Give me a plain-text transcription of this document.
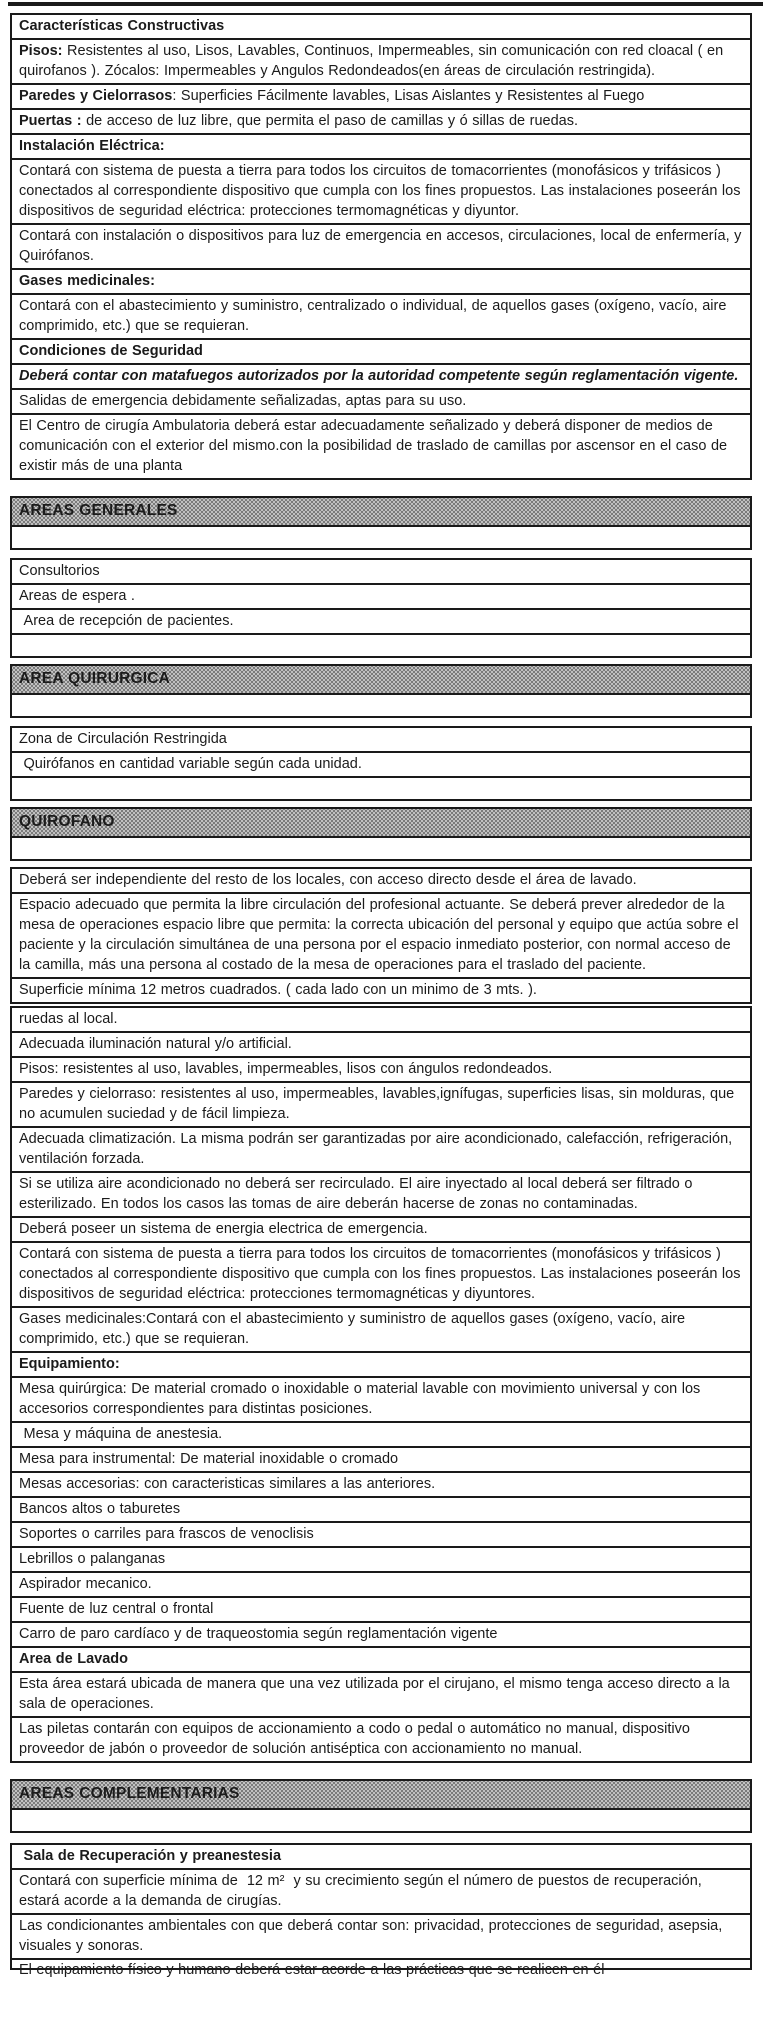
Características Constructivas
Pisos: Resistentes al uso, Lisos, Lavables, Continuos, Impermeables, sin comunicación con red cloacal ( en quirofanos ). Zócalos: Impermeables y Angulos Redondeados(en áreas de circulación restringida).
Paredes y Cielorrasos: Superficies Fácilmente lavables, Lisas Aislantes y Resistentes al Fuego
Puertas : de acceso de luz libre, que permita el paso de camillas y ó sillas de ruedas.
Instalación Eléctrica:
Contará con sistema de puesta a tierra para todos los circuitos de tomacorrientes (monofásicos y trifásicos ) conectados al correspondiente dispositivo que cumpla con los fines propuestos. Las instalaciones poseerán los dispositivos de seguridad eléctrica: protecciones termomagnéticas y diyuntor.
Contará con instalación o dispositivos para luz de emergencia en accesos, circulaciones, local de enfermería, y Quirófanos.
Gases medicinales:
Contará con el abastecimiento y suministro, centralizado o individual, de aquellos gases (oxígeno, vacío, aire comprimido, etc.) que se requieran.
Condiciones de Seguridad
Deberá contar con matafuegos autorizados por la autoridad competente según reglamentación vigente.
Salidas de emergencia debidamente señalizadas, aptas para su uso.
El Centro de cirugía Ambulatoria deberá estar adecuadamente señalizado y deberá disponer de medios de comunicación con el exterior del mismo.con la posibilidad de traslado de camillas por ascensor en el caso de existir más de una planta
AREAS GENERALES
Consultorios
Areas de espera .
Area de recepción de pacientes.
AREA QUIRURGICA
Zona de Circulación Restringida
Quirófanos en cantidad variable según cada unidad.
QUIROFANO
Deberá ser independiente del resto de los locales, con acceso directo desde el área de lavado.
Espacio adecuado que permita la libre circulación del profesional actuante. Se deberá prever alrededor de la mesa de operaciones espacio libre que permita: la correcta ubicación del personal y equipo que actúa sobre el paciente y la circulación simultánea de una persona por el espacio inmediato posterior, con normal acceso de la camilla, más una persona al costado de la mesa de operaciones para el traslado del paciente.
Superficie mínima 12 metros cuadrados. ( cada lado con un minimo de 3 mts. ).
ruedas al local.
Adecuada iluminación natural y/o artificial.
Pisos: resistentes al uso, lavables, impermeables, lisos con ángulos redondeados.
Paredes y cielorraso: resistentes al uso, impermeables, lavables,ignífugas, superficies lisas, sin molduras, que no acumulen suciedad y de fácil limpieza.
Adecuada climatización. La misma podrán ser garantizadas por aire acondicionado, calefacción, refrigeración, ventilación forzada.
Si se utiliza aire acondicionado no deberá ser recirculado. El aire inyectado al local deberá ser filtrado o esterilizado. En todos los casos las tomas de aire deberán hacerse de zonas no contaminadas.
Deberá poseer un sistema de energia electrica de emergencia.
Contará con sistema de puesta a tierra para todos los circuitos de tomacorrientes (monofásicos y trifásicos ) conectados al correspondiente dispositivo que cumpla con los fines propuestos. Las instalaciones poseerán los dispositivos de seguridad eléctrica: protecciones termomagnéticas y diyuntores.
Gases medicinales:Contará con el abastecimiento y suministro de aquellos gases (oxígeno, vacío, aire comprimido, etc.) que se requieran.
Equipamiento:
Mesa quirúrgica: De material cromado o inoxidable o material lavable con movimiento universal y con los accesorios correspondientes para distintas posiciones.
Mesa y máquina de anestesia.
Mesa para instrumental: De material inoxidable o cromado
Mesas accesorias: con caracteristicas similares a las anteriores.
Bancos altos o taburetes
Soportes o carriles para frascos de venoclisis
Lebrillos o palanganas
Aspirador mecanico.
Fuente de luz central o frontal
Carro de paro cardíaco y de traqueostomia según reglamentación vigente
Area de Lavado
Esta área estará ubicada de manera que una vez utilizada por el cirujano, el mismo tenga acceso directo a la sala de operaciones.
Las piletas contarán con equipos de accionamiento a codo o pedal o automático no manual, dispositivo proveedor de jabón o proveedor de solución antiséptica con accionamiento no manual.
AREAS COMPLEMENTARIAS
Sala de Recuperación y preanestesia
Contará con superficie mínima de  12 m²  y su crecimiento según el número de puestos de recuperación, estará acorde a la demanda de cirugías.
Las condicionantes ambientales con que deberá contar son: privacidad, protecciones de seguridad, asepsia, visuales y sonoras.
El equipamiento físico y humano deberá estar acorde a las prácticas que se realicen en él
